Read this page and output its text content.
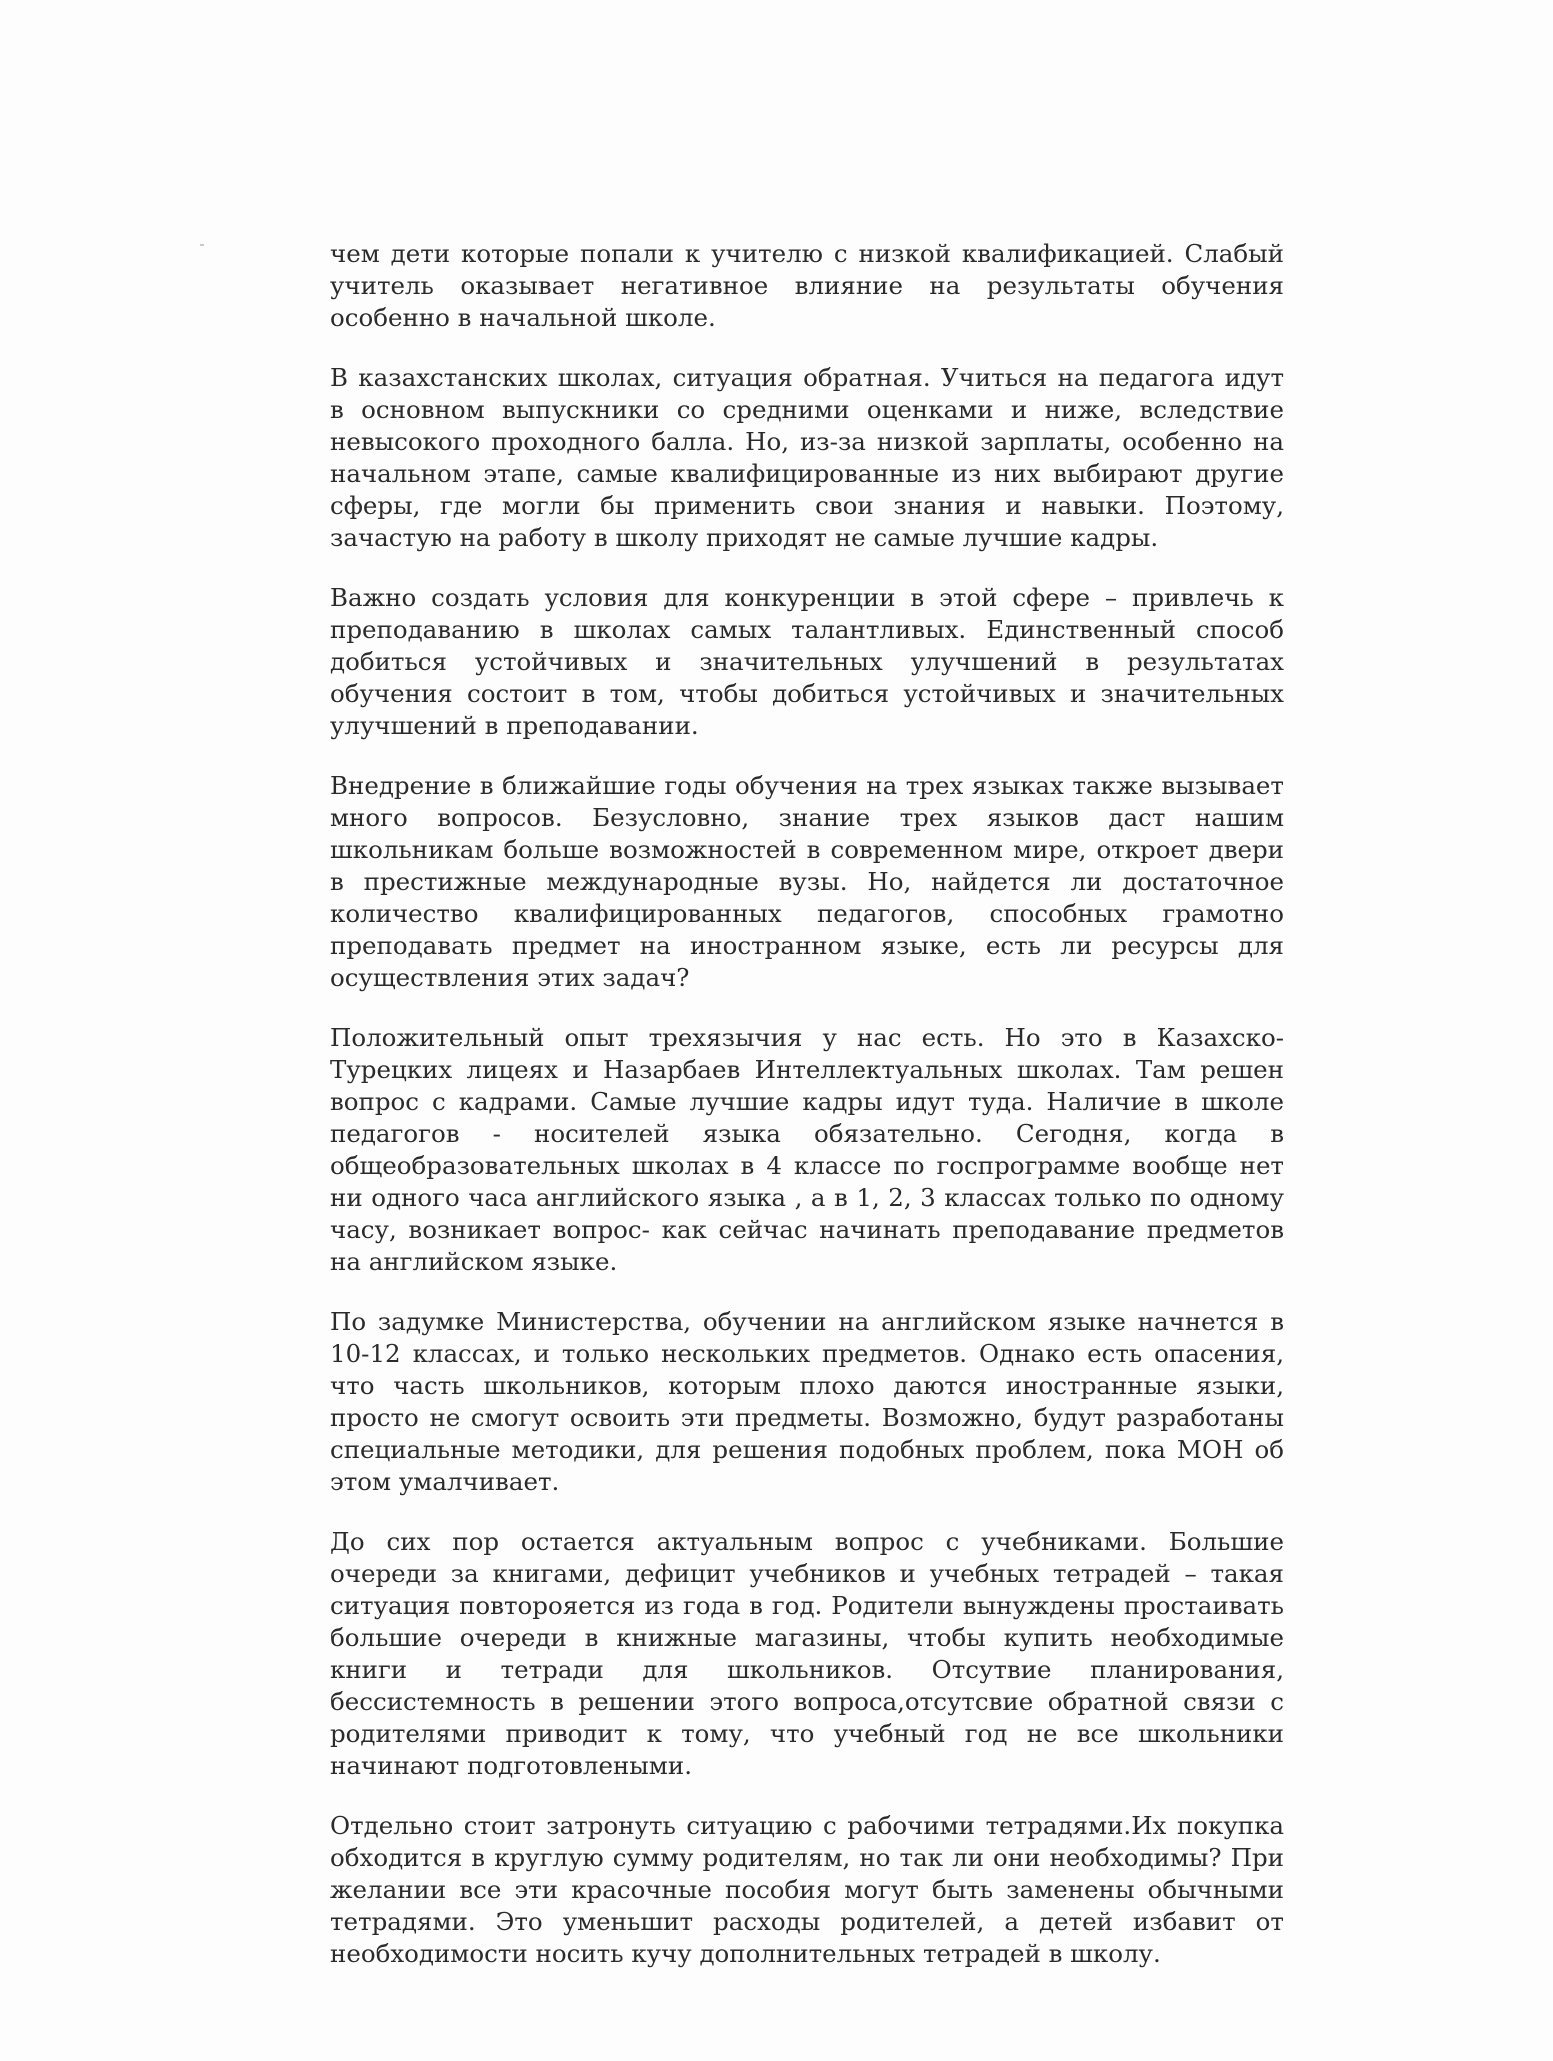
чем дети которые попали к учителю с низкой квалификацией. Слабый учитель оказывает негативное влияние на результаты обучения особенно в начальной школе.

В казахстанских школах, ситуация обратная. Учиться на педагога идут в основном выпускники со средними оценками и ниже, вследствие невысокого проходного балла. Но, из-за низкой зарплаты, особенно на начальном этапе, самые квалифицированные из них выбирают другие сферы, где могли бы применить свои знания и навыки. Поэтому, зачастую на работу в школу приходят не самые лучшие кадры.

Важно создать условия для конкуренции в этой сфере – привлечь к преподаванию в школах самых талантливых. Единственный способ добиться устойчивых и значительных улучшений в результатах обучения состоит в том, чтобы добиться устойчивых и значительных улучшений в преподавании.

Внедрение в ближайшие годы обучения на трех языках также вызывает много вопросов. Безусловно, знание трех языков даст нашим школьникам больше возможностей в современном мире, откроет двери в престижные международные вузы. Но, найдется ли достаточное количество квалифицированных педагогов, способных грамотно преподавать предмет на иностранном языке, есть ли ресурсы для осуществления этих задач?

Положительный опыт трехязычия у нас есть. Но это в Казахско-Турецких лицеях и Назарбаев Интеллектуальных школах. Там решен вопрос с кадрами. Самые лучшие кадры идут туда. Наличие в школе педагогов - носителей языка обязательно. Сегодня, когда в общеобразовательных школах в 4 классе по госпрограмме вообще нет ни одного часа английского языка , а в 1, 2, 3 классах только по одному часу, возникает вопрос- как сейчас начинать преподавание предметов на английском языке.

По задумке Министерства, обучении на английском языке начнется в 10-12 классах, и только нескольких предметов. Однако есть опасения, что часть школьников, которым плохо даются иностранные языки, просто не смогут освоить эти предметы. Возможно, будут разработаны специальные методики, для решения подобных проблем, пока МОН об этом умалчивает.

До сих пор остается актуальным вопрос с учебниками. Большие очереди за книгами, дефицит учебников и учебных тетрадей – такая ситуация повторояется из года в год. Родители вынуждены простаивать большие очереди в книжные магазины, чтобы купить необходимые книги и тетради для школьников. Отсутвие планирования, бессистемность в решении этого вопроса,отсутсвие обратной связи с родителями приводит к тому, что учебный год не все школьники начинают подготовлеными.

Отдельно стоит затронуть ситуацию с рабочими тетрадями.Их покупка обходится в круглую сумму родителям, но так ли они необходимы? При желании все эти красочные пособия могут быть заменены обычными тетрадями. Это уменьшит расходы родителей, а детей избавит от необходимости носить кучу дополнительных тетрадей в школу.
